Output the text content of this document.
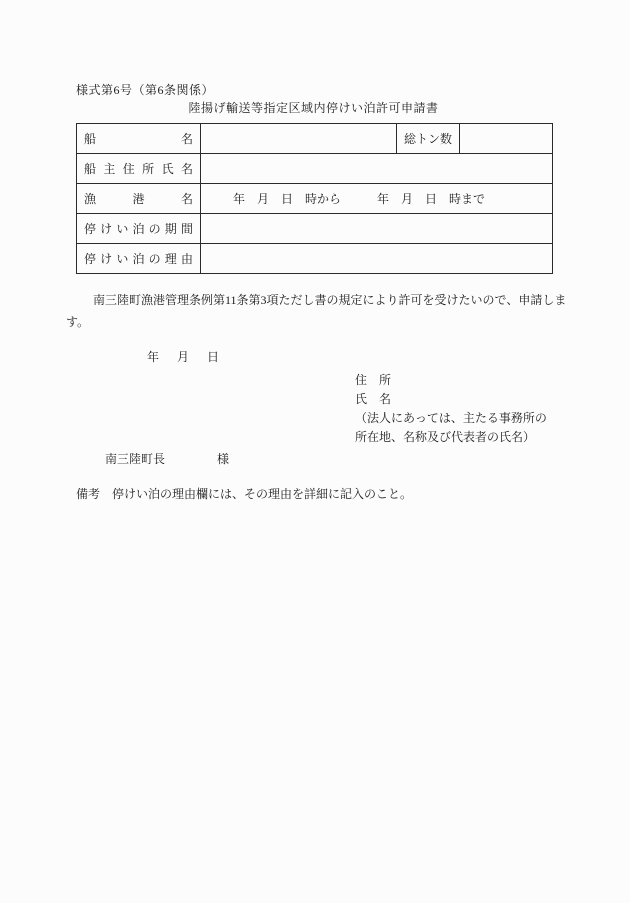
様式第6号（第6条関係）
陸揚げ輸送等指定区域内停けい泊許可申請書
船 名		総トン数	

船 主 住 所 氏 名

漁 港 名	年　月　日　時から 年　月　日　時まで		

停 け い 泊 の 期 間

停 け い 泊 の 理 由

南三陸町漁港管理条例第11条第3項ただし書の規定により許可を受けたいので、申請しま
す。
年 月 日
住　所
氏　名
（法人にあっては、主たる事務所の
所在地、名称及び代表者の氏名）
南三陸町長	様
備考　停けい泊の理由欄には、その理由を詳細に記入のこと。
